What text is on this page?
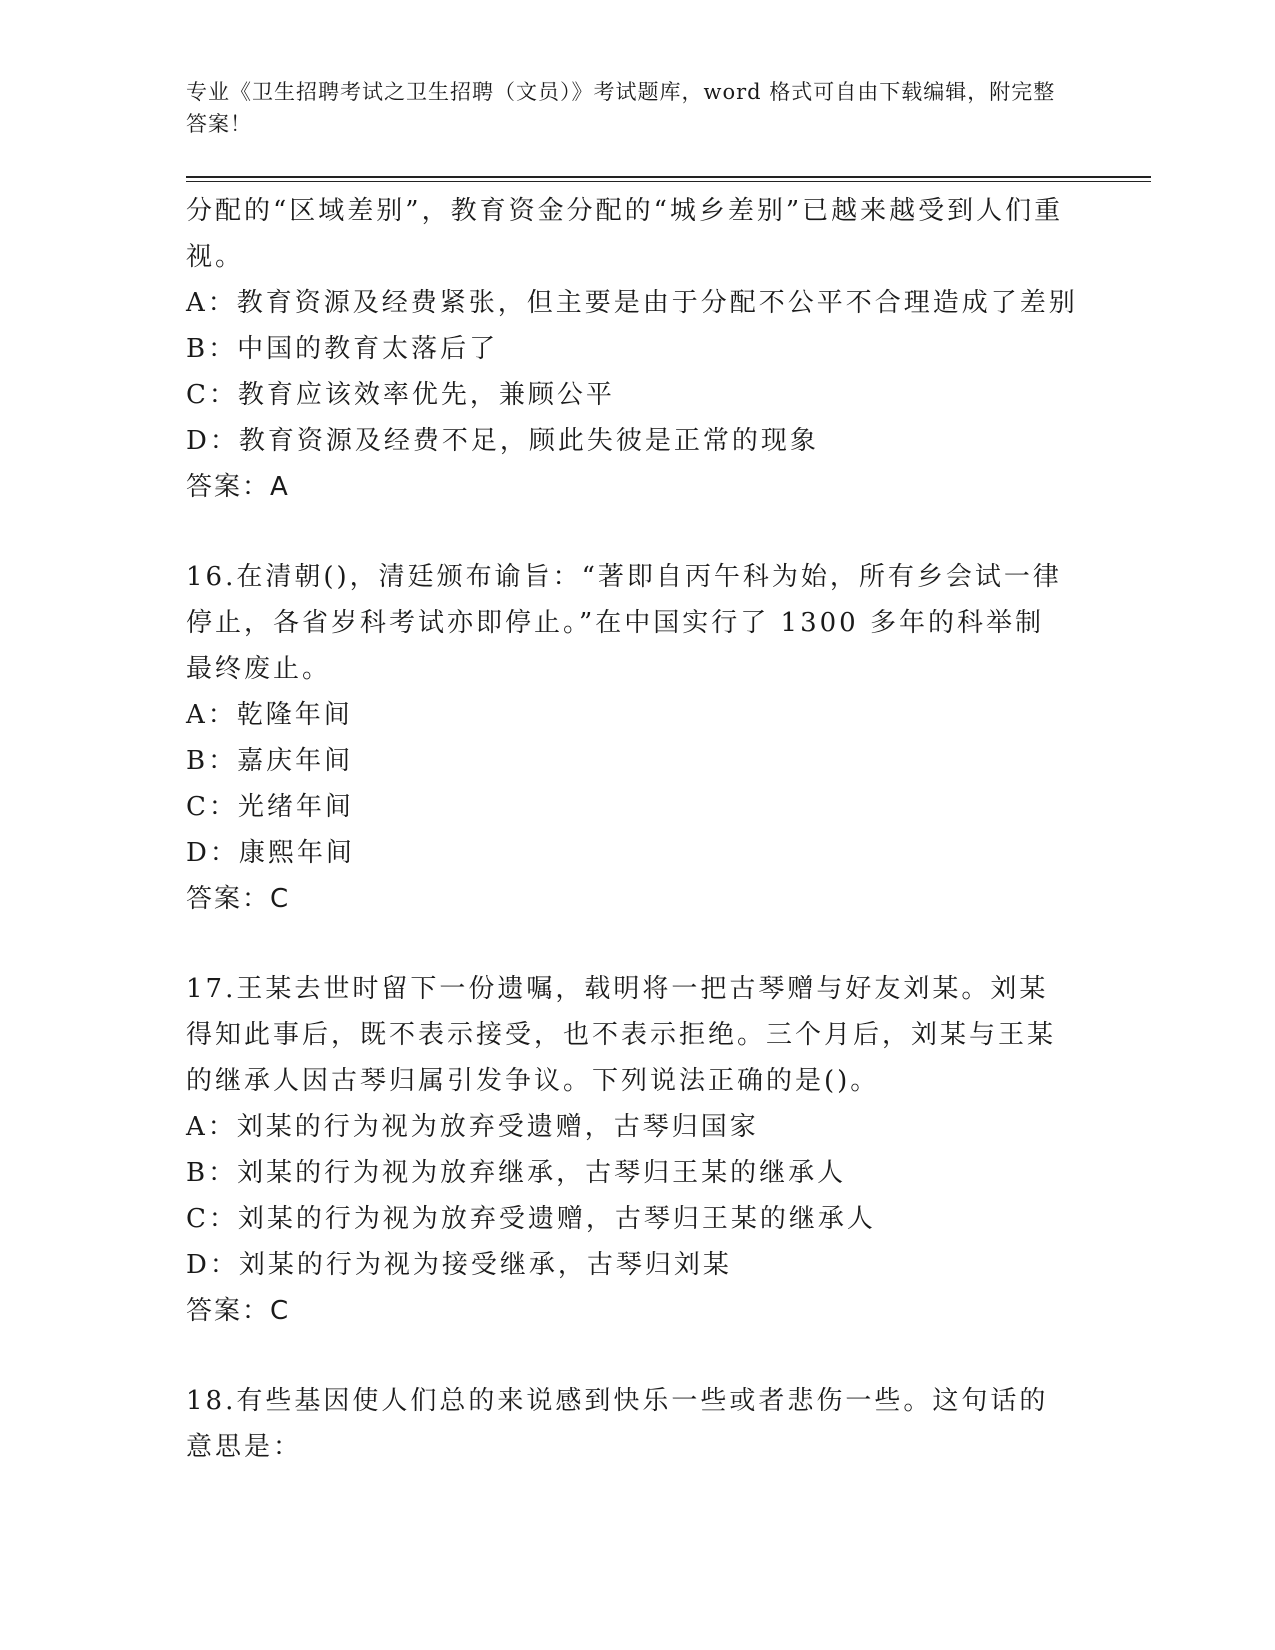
专业《卫生招聘考试之卫生招聘（文员）》考试题库，word 格式可自由下载编辑，附完整答案！
分配的“区域差别”，教育资金分配的“城乡差别”已越来越受到人们重视。
A：教育资源及经费紧张，但主要是由于分配不公平不合理造成了差别
B：中国的教育太落后了
C：教育应该效率优先，兼顾公平
D：教育资源及经费不足，顾此失彼是正常的现象
答案：A
16.在清朝()，清廷颁布谕旨：“著即自丙午科为始，所有乡会试一律停止，各省岁科考试亦即停止。”在中国实行了 1300 多年的科举制最终废止。
A：乾隆年间
B：嘉庆年间
C：光绪年间
D：康熙年间
答案：C
17.王某去世时留下一份遗嘱，载明将一把古琴赠与好友刘某。刘某得知此事后，既不表示接受，也不表示拒绝。三个月后，刘某与王某的继承人因古琴归属引发争议。下列说法正确的是()。
A：刘某的行为视为放弃受遗赠，古琴归国家
B：刘某的行为视为放弃继承，古琴归王某的继承人
C：刘某的行为视为放弃受遗赠，古琴归王某的继承人
D：刘某的行为视为接受继承，古琴归刘某
答案：C
18.有些基因使人们总的来说感到快乐一些或者悲伤一些。这句话的意思是：
